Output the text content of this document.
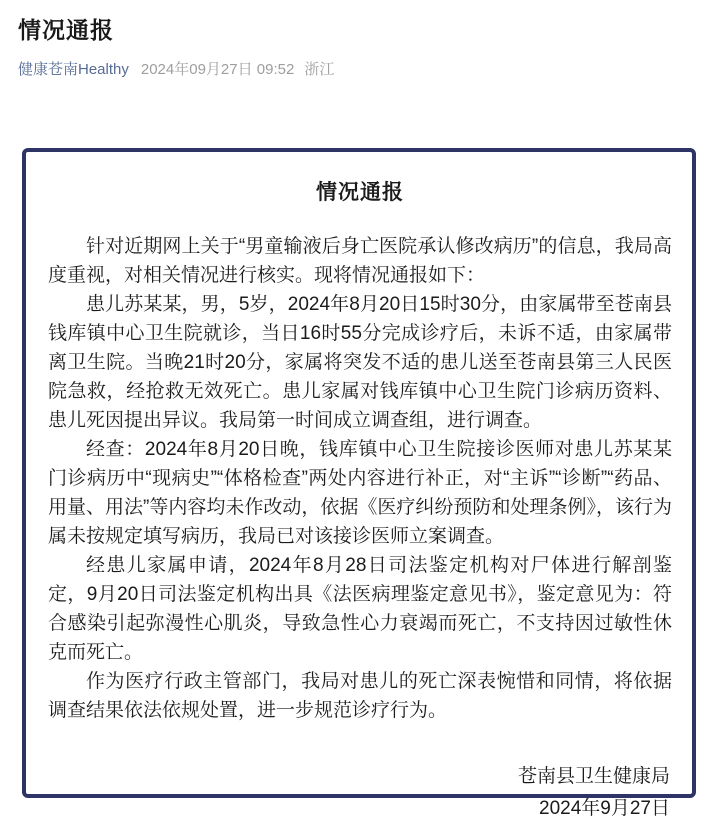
情况通报
健康苍南Healthy 2024年09月27日 09:52 浙江
情况通报

针对近期网上关于“男童输液后身亡医院承认修改病历”的信息，我局高度重视，对相关情况进行核实。现将情况通报如下：

患儿苏某某，男，5岁，2024年8月20日15时30分，由家属带至苍南县钱库镇中心卫生院就诊，当日16时55分完成诊疗后，未诉不适，由家属带离卫生院。当晚21时20分，家属将突发不适的患儿送至苍南县第三人民医院急救，经抢救无效死亡。患儿家属对钱库镇中心卫生院门诊病历资料、患儿死因提出异议。我局第一时间成立调查组，进行调查。

经查：2024年8月20日晚，钱库镇中心卫生院接诊医师对患儿苏某某门诊病历中“现病史”“体格检查”两处内容进行补正，对“主诉”“诊断”“药品、用量、用法”等内容均未作改动，依据《医疗纠纷预防和处理条例》，该行为属未按规定填写病历，我局已对该接诊医师立案调查。

经患儿家属申请，2024年8月28日司法鉴定机构对尸体进行解剖鉴定，9月20日司法鉴定机构出具《法医病理鉴定意见书》，鉴定意见为：符合感染引起弥漫性心肌炎，导致急性心力衰竭而死亡，不支持因过敏性休克而死亡。

作为医疗行政主管部门，我局对患儿的死亡深表惋惜和同情，将依据调查结果依法依规处置，进一步规范诊疗行为。

苍南县卫生健康局
2024年9月27日
